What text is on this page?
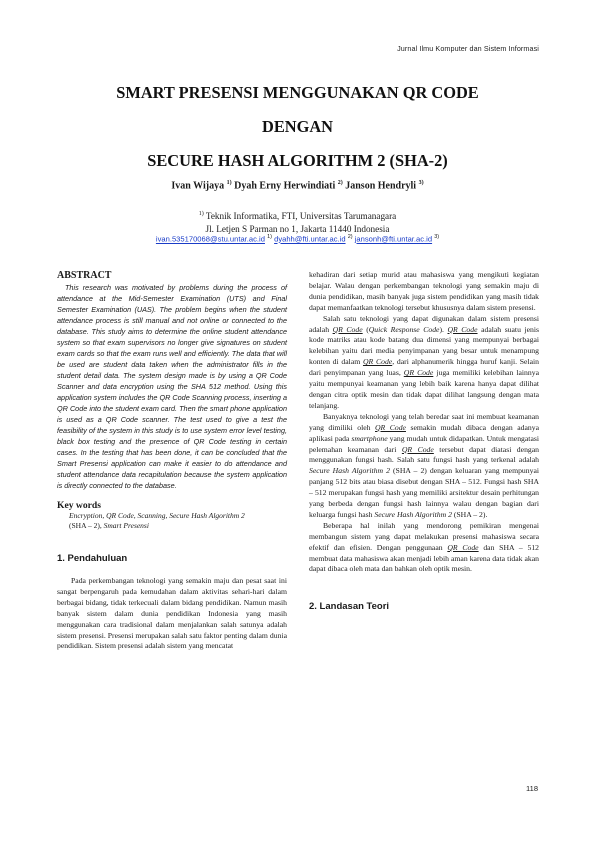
Jurnal Ilmu Komputer dan Sistem Informasi
SMART PRESENSI MENGGUNAKAN QR CODE
DENGAN
SECURE HASH ALGORITHM 2 (SHA-2)
Ivan Wijaya $^{1)}$ Dyah Erny Herwindiati $^{2)}$ Janson Hendryli $^{3)}$
$^{1)}$ Teknik Informatika, FTI, Universitas Tarumanagara
Jl. Letjen S Parman no 1, Jakarta 11440 Indonesia
ivan.535170068@stu.untar.ac.id $^{1)}$ dyahh@fti.untar.ac.id $^{2)}$ jansonh@fti.untar.ac.id $^{3)}$
ABSTRACT
This research was motivated by problems during the process of attendance at the Mid-Semester Examination (UTS) and Final Semester Examination (UAS). The problem begins when the student attendance process is still manual and not online or connected to the database. This study aims to determine the online student attendance system so that exam supervisors no longer give signatures on student exam cards so that the exam runs well and efficiently. The data that will be used are student data taken when the administrator fills in the student detail data. The system design made is by using a QR Code Scanner and data encryption using the SHA 512 method. Using this application system includes the QR Code Scanning process, inserting a QR Code into the student exam card. Then the smart phone application is used as a QR Code scanner. The test used to give a test the feasibility of the system in this study is to use system error level testing, black box testing and the presence of QR Code testing in certain cases. In the testing that has been done, it can be concluded that the Smart Presensi application can make it easier to do attendance and student attendance data recapitulation because the system application is directly connected to the database.
Key words
Encryption, QR Code, Scanning, Secure Hash Algorithm 2
(SHA – 2), Smart Presensi
1. Pendahuluan
Pada perkembangan teknologi yang semakin maju dan pesat saat ini sangat berpengaruh pada kemudahan dalam aktivitas sehari-hari dalam berbagai bidang, tidak terkecuali dalam bidang pendidikan. Namun masih banyak sistem dalam dunia pendidikan Indonesia yang masih menggunakan cara tradisional dalam menjalankan salah satunya adalah sistem presensi. Presensi merupakan salah satu faktor penting dalam dunia pendidikan. Sistem presensi adalah sistem yang mencatat
kehadiran dari setiap murid atau mahasiswa yang mengikuti kegiatan belajar. Walau dengan perkembangan teknologi yang semakin maju di dunia pendidikan, masih banyak juga sistem pendidikan yang masih tidak dapat memanfaatkan teknologi tersebut khususnya dalam sistem presensi.
Salah satu teknologi yang dapat digunakan dalam sistem presensi adalah QR Code (Quick Response Code). QR Code adalah suatu jenis kode matriks atau kode batang dua dimensi yang mempunyai berbagai kelebihan yaitu dari media penyimpanan yang besar untuk menampung konten di dalam QR Code, dari alphanumerik hingga huruf kanji. Selain dari penyimpanan yang luas, QR Code juga memiliki kelebihan lainnya yaitu mempunyai keamanan yang lebih baik karena hanya dapat dilihat dengan citra optik mesin dan tidak dapat dilihat langsung dengan mata telanjang.
Banyaknya teknologi yang telah beredar saat ini membuat keamanan yang dimiliki oleh QR Code semakin mudah dibaca dengan adanya aplikasi pada smartphone yang mudah untuk didapatkan. Untuk mengatasi pelemahan keamanan dari QR Code tersebut dapat diatasi dengan menggunakan fungsi hash. Salah satu fungsi hash yang terkenal adalah Secure Hash Algorithm 2 (SHA – 2) dengan keluaran yang mempunyai panjang 512 bits atau biasa disebut dengan SHA – 512. Fungsi hash SHA – 512 merupakan fungsi hash yang memiliki arsitektur desain perhitungan yang berbeda dengan fungsi hash lainnya walau dengan bagian dari keluarga fungsi hash Secure Hash Algorithm 2 (SHA – 2).
Beberapa hal inilah yang mendorong pemikiran mengenai membangun sistem yang dapat melakukan presensi mahasiswa secara efektif dan efisien. Dengan penggunaan QR Code dan SHA – 512 membuat data mahasiswa akan menjadi lebih aman karena data tidak akan dapat dibaca oleh mata dan bahkan oleh optik mesin.
2. Landasan Teori
118
